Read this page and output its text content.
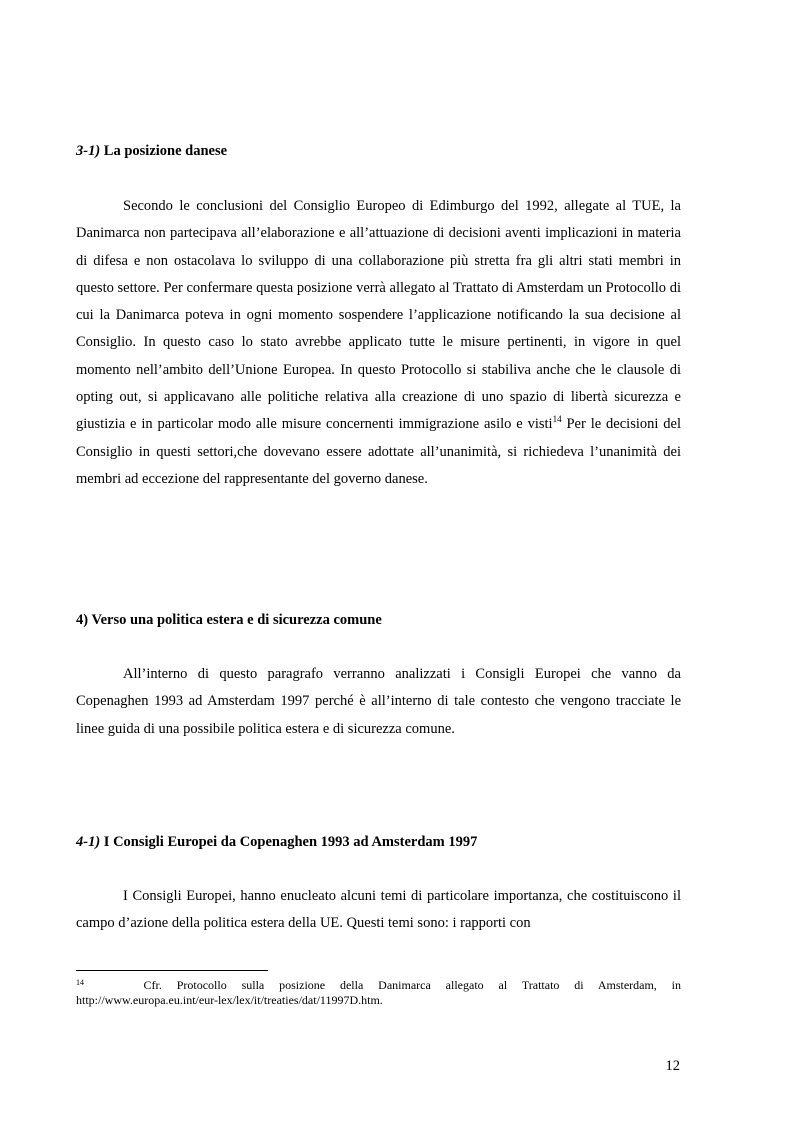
3-1) La posizione danese

Secondo le conclusioni del Consiglio Europeo di Edimburgo del 1992, allegate al TUE, la Danimarca non partecipava all’elaborazione e all’attuazione di decisioni aventi implicazioni in materia di difesa e non ostacolava lo sviluppo di una collaborazione più stretta fra gli altri stati membri in questo settore. Per confermare questa posizione verrà allegato al Trattato di Amsterdam un Protocollo di cui la Danimarca poteva in ogni momento sospendere l’applicazione notificando la sua decisione al Consiglio. In questo caso lo stato avrebbe applicato tutte le misure pertinenti, in vigore in quel momento nell’ambito dell’Unione Europea. In questo Protocollo si stabiliva anche che le clausole di opting out, si applicavano alle politiche relativa alla creazione di uno spazio di libertà sicurezza e giustizia e in particolar modo alle misure concernenti immigrazione asilo e visti$^{14}$ Per le decisioni del Consiglio in questi settori,che dovevano essere adottate all’unanimità, si richiedeva l’unanimità dei membri ad eccezione del rappresentante del governo danese.

4) Verso una politica estera e di sicurezza comune

All’interno di questo paragrafo verranno analizzati i Consigli Europei che vanno da Copenaghen 1993 ad Amsterdam 1997 perché è all’interno di tale contesto che vengono tracciate le linee guida di una possibile politica estera e di sicurezza comune.

4-1) I Consigli Europei da Copenaghen 1993 ad Amsterdam 1997

I Consigli Europei, hanno enucleato alcuni temi di particolare importanza, che costituiscono il campo d’azione della politica estera della UE. Questi temi sono: i rapporti con

$^{14}$	Cfr. Protocollo sulla posizione della Danimarca allegato al Trattato di Amsterdam, in
http://www.europa.eu.int/eur-lex/lex/it/treaties/dat/11997D.htm.
12
